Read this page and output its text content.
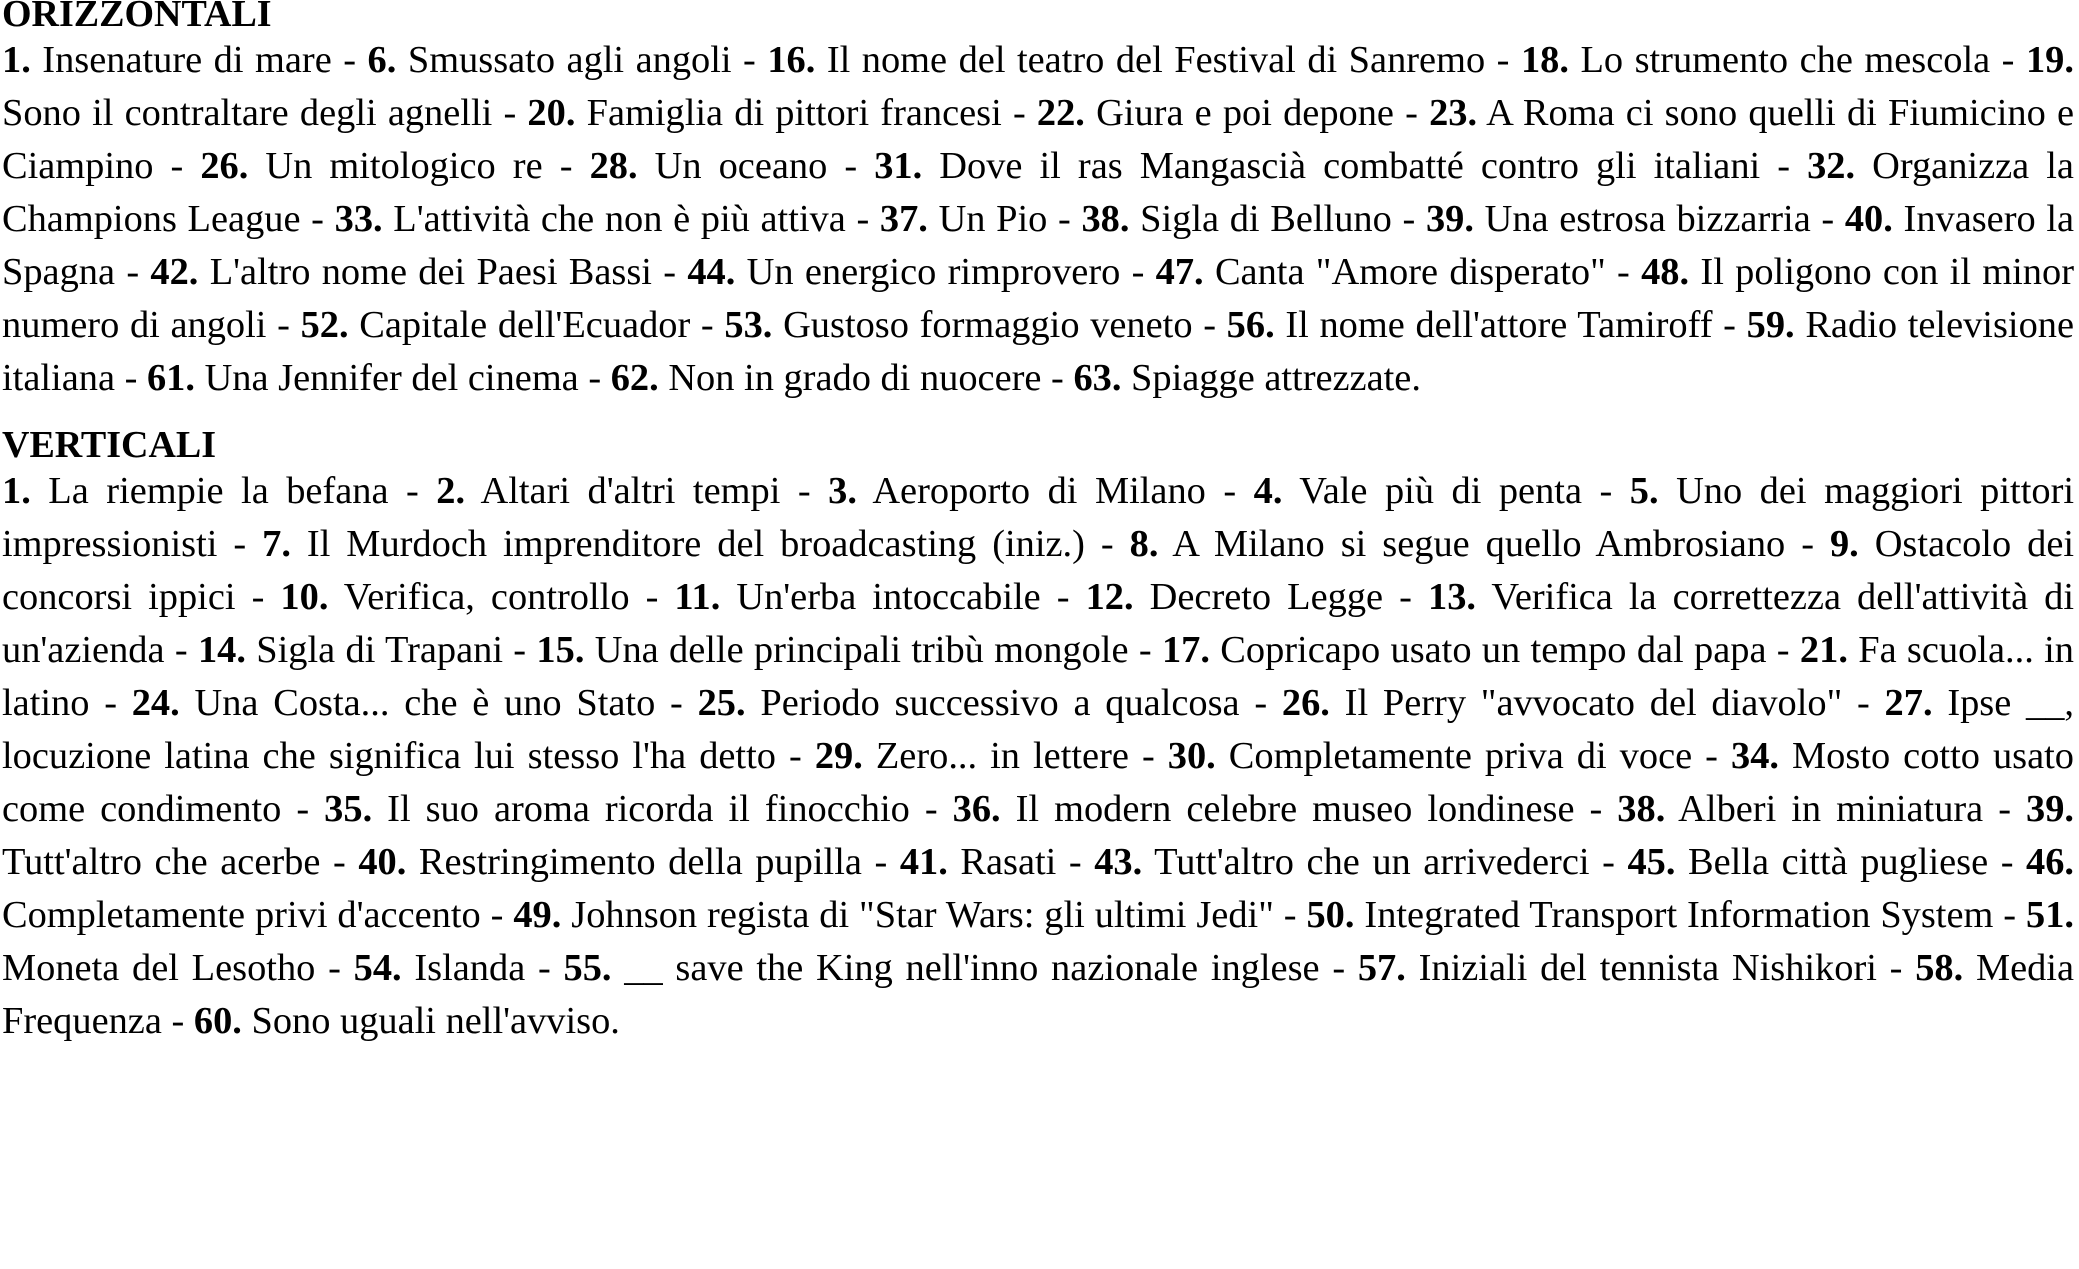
ORIZZONTALI
1. Insenature di mare - 6. Smussato agli angoli - 16. Il nome del teatro del Festival di Sanremo - 18. Lo strumento che mescola - 19. Sono il contraltare degli agnelli - 20. Famiglia di pittori francesi - 22. Giura e poi depone - 23. A Roma ci sono quelli di Fiumicino e Ciampino - 26. Un mitologico re - 28. Un oceano - 31. Dove il ras Mangascià combatté contro gli italiani - 32. Organizza la Champions League - 33. L'attività che non è più attiva - 37. Un Pio - 38. Sigla di Belluno - 39. Una estrosa bizzarria - 40. Invasero la Spagna - 42. L'altro nome dei Paesi Bassi - 44. Un energico rimprovero - 47. Canta "Amore disperato" - 48. Il poligono con il minor numero di angoli - 52. Capitale dell'Ecuador - 53. Gustoso formaggio veneto - 56. Il nome dell'attore Tamiroff - 59. Radio televisione italiana - 61. Una Jennifer del cinema - 62. Non in grado di nuocere - 63. Spiagge attrezzate.
VERTICALI
1. La riempie la befana - 2. Altari d'altri tempi - 3. Aeroporto di Milano - 4. Vale più di penta - 5. Uno dei maggiori pittori impressionisti - 7. Il Murdoch imprenditore del broadcasting (iniz.) - 8. A Milano si segue quello Ambrosiano - 9. Ostacolo dei concorsi ippici - 10. Verifica, controllo - 11. Un'erba intoccabile - 12. Decreto Legge - 13. Verifica la correttezza dell'attività di un'azienda - 14. Sigla di Trapani - 15. Una delle principali tribù mongole - 17. Copricapo usato un tempo dal papa - 21. Fa scuola... in latino - 24. Una Costa... che è uno Stato - 25. Periodo successivo a qualcosa - 26. Il Perry "avvocato del diavolo" - 27. Ipse __, locuzione latina che significa lui stesso l'ha detto - 29. Zero... in lettere - 30. Completamente priva di voce - 34. Mosto cotto usato come condimento - 35. Il suo aroma ricorda il finocchio - 36. Il modern celebre museo londinese - 38. Alberi in miniatura - 39. Tutt'altro che acerbe - 40. Restringimento della pupilla - 41. Rasati - 43. Tutt'altro che un arrivederci - 45. Bella città pugliese - 46. Completamente privi d'accento - 49. Johnson regista di "Star Wars: gli ultimi Jedi" - 50. Integrated Transport Information System - 51. Moneta del Lesotho - 54. Islanda - 55. __ save the King nell'inno nazionale inglese - 57. Iniziali del tennista Nishikori - 58. Media Frequenza - 60. Sono uguali nell'avviso.
